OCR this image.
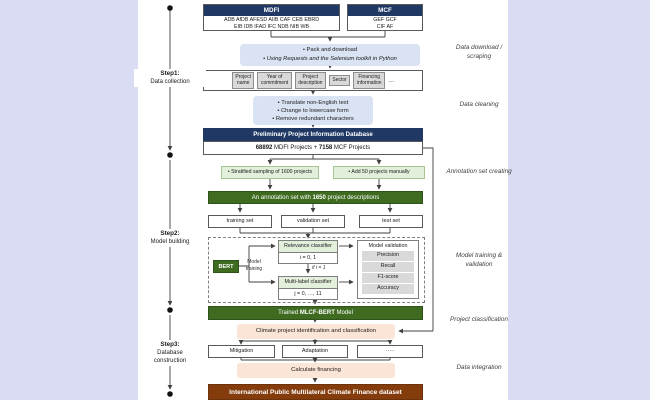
Step1:
Data collection
Step2:
Model building
Step3:
Database construction
MDFI
ADB AfDB AFESD AIIB CAF CEB EBRD
EIB IDB IFAD IFC NDB NIB WB
MCF
GEF GCF
CIF AF
• Pack and download
• Using Requests and the Selenium toolkit in Python
Project
name
Year of
commitment
Project
description Sector	Financing
information …
• Translate non-English text
• Change to lowercase form
• Remove redundant characters
Preliminary Project Information Database
68892 MDFI Projects + 7158 MCF Projects
• Stratified sampling of 1600 projects	• Add 50 projects manually
An annotation set with 1650 project descriptions
training set	validation set	test set
BERT
Model training
Relevance classifier
i = 0, 1
if i = 1
Multi-label classifier
j = 0, …, 11
Model validation
Precision
Recall
F1-score
Accuracy
Trained MLCF-BERT Model
Climate project identification and classification
Mitigation	Adaptation	…..
Calculate financing
International Public Multilateral Climate Finance dataset
Data download / scraping
Data cleaning
Annotation set creating
Model training & validation
Project classification
Data integration
